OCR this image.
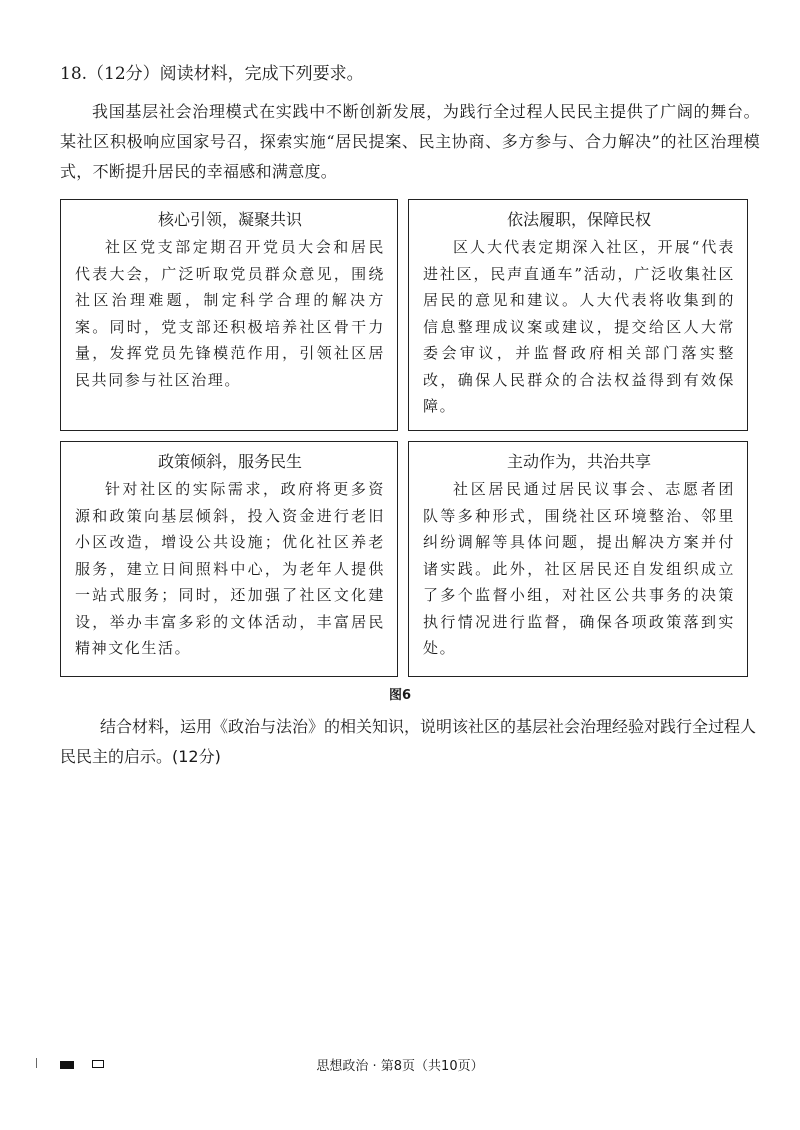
18.（12分）阅读材料，完成下列要求。
我国基层社会治理模式在实践中不断创新发展，为践行全过程人民民主提供了广阔的舞台。某社区积极响应国家号召，探索实施“居民提案、民主协商、多方参与、合力解决”的社区治理模式，不断提升居民的幸福感和满意度。
核心引领，凝聚共识
社区党支部定期召开党员大会和居民代表大会，广泛听取党员群众意见，围绕社区治理难题，制定科学合理的解决方案。同时，党支部还积极培养社区骨干力量，发挥党员先锋模范作用，引领社区居民共同参与社区治理。
依法履职，保障民权
区人大代表定期深入社区，开展“代表进社区，民声直通车”活动，广泛收集社区居民的意见和建议。人大代表将收集到的信息整理成议案或建议，提交给区人大常委会审议，并监督政府相关部门落实整改，确保人民群众的合法权益得到有效保障。
政策倾斜，服务民生
针对社区的实际需求，政府将更多资源和政策向基层倾斜，投入资金进行老旧小区改造，增设公共设施；优化社区养老服务，建立日间照料中心，为老年人提供一站式服务；同时，还加强了社区文化建设，举办丰富多彩的文体活动，丰富居民精神文化生活。
主动作为，共治共享
社区居民通过居民议事会、志愿者团队等多种形式，围绕社区环境整治、邻里纠纷调解等具体问题，提出解决方案并付诸实践。此外，社区居民还自发组织成立了多个监督小组，对社区公共事务的决策执行情况进行监督，确保各项政策落到实处。
图6
结合材料，运用《政治与法治》的相关知识，说明该社区的基层社会治理经验对践行全过程人民民主的启示。(12分)
思想政治 · 第8页（共10页）
